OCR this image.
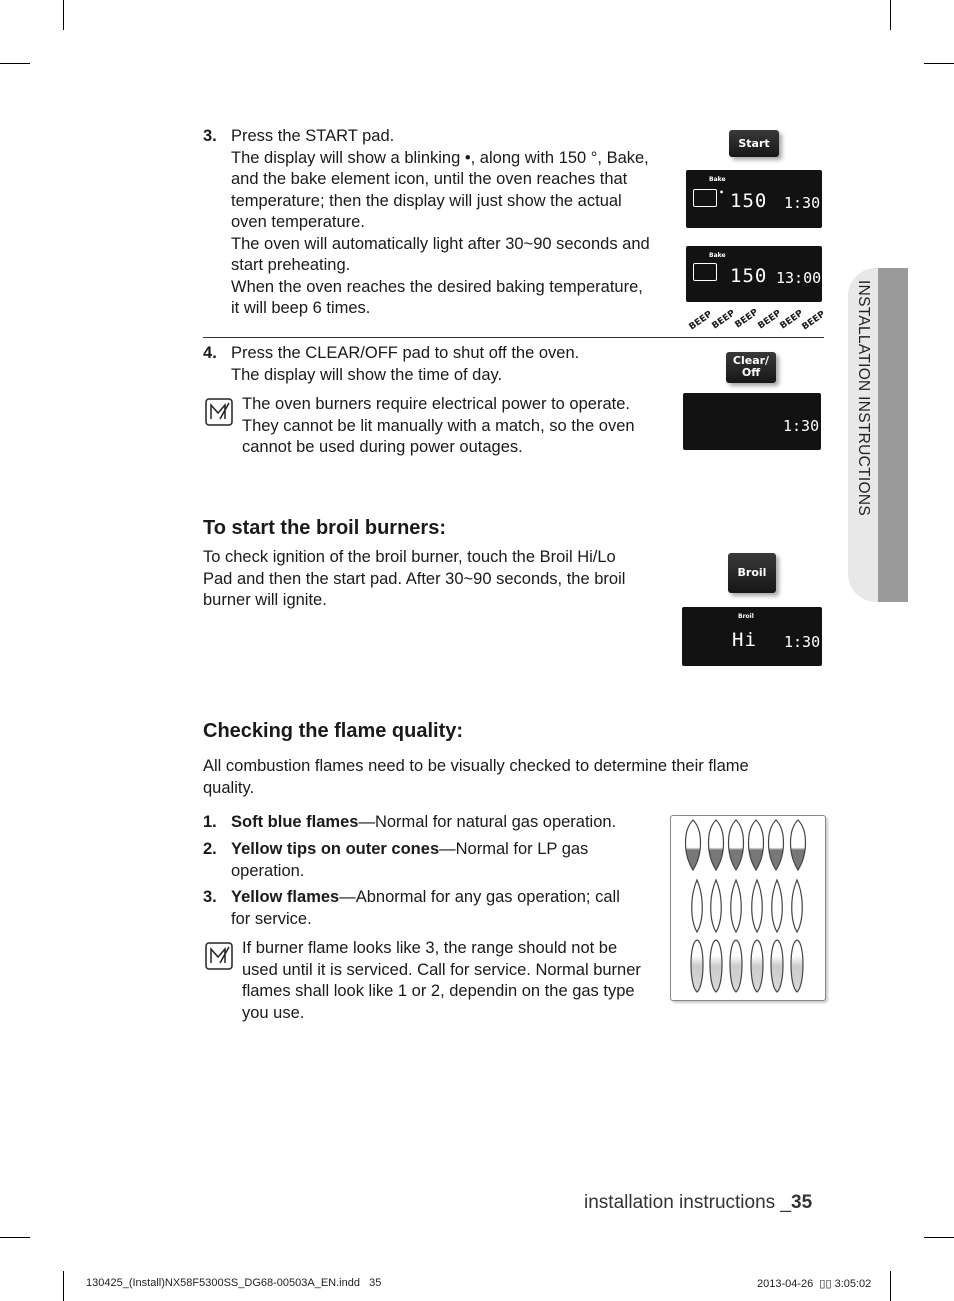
INSTALLATION INSTRUCTIONS
3. Press the START pad.
The display will show a blinking •, along with 150 °, Bake,
and the bake element icon, until the oven reaches that
temperature; then the display will just show the actual
oven temperature.
The oven will automatically light after 30~90 seconds and
start preheating.
When the oven reaches the desired baking temperature,
it will beep 6 times.
Start
Bake
• 150 1:30
Bake
150 13:00
BEEP
BEEP
BEEP
BEEP
BEEP
BEEP
4. Press the CLEAR/OFF pad to shut off the oven.
The display will show the time of day.
The oven burners require electrical power to operate.
They cannot be lit manually with a match, so the oven
cannot be used during power outages.
Clear/
Off
1:30
To start the broil burners:
To check ignition of the broil burner, touch the Broil Hi/Lo
Pad and then the start pad. After 30~90 seconds, the broil
burner will ignite.
Broil
Broil
Hi 1:30
Checking the flame quality:
All combustion flames need to be visually checked to determine their flame
quality.
1. Soft blue flames—Normal for natural gas operation.
2. Yellow tips on outer cones—Normal for LP gas
operation.
3. Yellow flames—Abnormal for any gas operation; call
for service.
If burner flame looks like 3, the range should not be
used until it is serviced. Call for service. Normal burner
flames shall look like 1 or 2, dependin on the gas type
you use.
installation instructions _35
130425_(Install)NX58F5300SS_DG68-00503A_EN.indd   35	2013-04-26 ▯▯ 3:05:02
